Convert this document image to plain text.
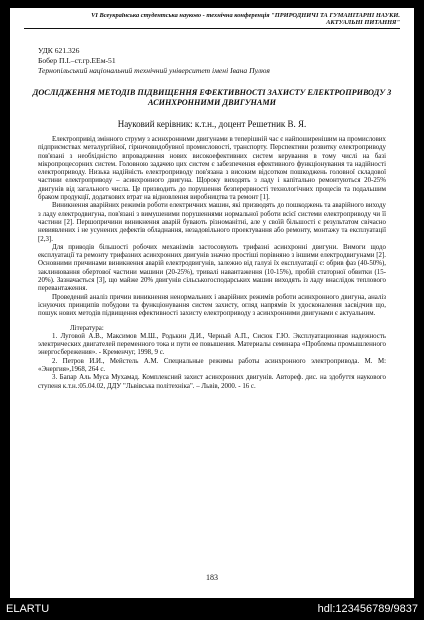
VI Всеукраїнська студентська науково - технічна конференція "ПРИРОДНИЧІ ТА ГУМАНІТАРНІ НАУКИ.
АКТУАЛЬНІ ПИТАННЯ"
УДК 621.326
Бобер П.І.–ст.гр.ЕЕм-51
Тернопільський національний технічний університет імені Івана Пулюя
ДОСЛІДЖЕННЯ МЕТОДІВ ПІДВИЩЕННЯ ЕФЕКТИВНОСТІ ЗАХИСТУ ЕЛЕКТРОПРИВОДУ З АСИНХРОННИМИ ДВИГУНАМИ
Науковий керівник: к.т.н., доцент Решетник В. Я.

Електропривід змінного струму з асинхронними двигунами в теперішній час є найпоширенішим на промислових підприємствах металургійної, гірничовидобувної промисловості, транспорту. Перспективи розвитку електроприводу пов'язані з необхідністю впровадження нових високоефективних систем керування в тому числі на базі мікропроцесорних систем. Головною задачею цих систем є забезпечення ефективного функціонування та надійності електроприводу. Низька надійність електроприводу пов'язана з високим відсотком пошкоджень головної складової частини електроприводу – асинхронного двигуна. Щороку виходять з ладу і капітально ремонтуються 20-25% двигунів від загального числа. Це призводить до порушення безперервності технологічних процесів та подальшим браком продукції, додаткових втрат на відновлення виробництва та ремонт [1].

Виникнення аварійних режимів роботи електричних машин, які призводять до пошкоджень та аварійного виходу з ладу електродвигуна, пов'язані з вимушеними порушеннями нормальної роботи всієї системи електроприводу чи її частини [2]. Першопричини виникнення аварій бувають різноманітні, але у своїй більшості є результатом свічасно невиявлених і не усунених дефектів обладнання, незадовільного проектування або ремонту, монтажу та експлуатації [2,3].

Для приводів більшості робочих механізмів застосовують трифазні асинхронні двигуни. Вимоги щодо експлуатації та ремонту трифазних асинхронних двигунів значно простіші порівняно з іншими електродвигунами [2]. Основними причинами виникнення аварій електродвигунів, залежно від галузі їх експлуатації є: обрив фаз (40-50%), заклинювання обертової частини машини (20-25%), тривалі навантаження (10-15%), пробій статорної обвитки (15-20%). Зазначається [3], що майже 20% двигунів сільськогосподарських машин виходять із ладу внаслідок теплового перевантаження.

Проведений аналіз причин виникнення ненормальних і аварійних режимів роботи асинхронного двигуна, аналіз існуючих принципів побудови та функціонування систем захисту, огляд напрямів їх удосконалення засвідчив що, пошук нових методів підвищення ефективності захисту електроприводу з асинхронними двигунами є актуальним.

Література:

1. Луговой А.В., Максимов М.Ш., Родькин Д.И., Черный А.П., Сисюк Г.Ю. Эксплуатационная надежность электрических двигателей переменного тока и пути ее повышения. Материалы семинара «Проблемы промышленного энергосбережения». - Кременчуг, 1998, 9 с.

2. Петров И.И., Мейстель А.М. Специальные режимы работы асинхронного электропривода. М. М: «Энергия»,1968, 264 с.

3. Бапар Аль Муса Мухамад. Комплексний захист асинхронних двигунів. Автореф. дис. на здобуття наукового ступеня к.т.н.:05.04.02, ДДУ "Львівська політехніка". – Львів, 2000. - 16 с.

183
ELARTU	hdl:123456789/9837
